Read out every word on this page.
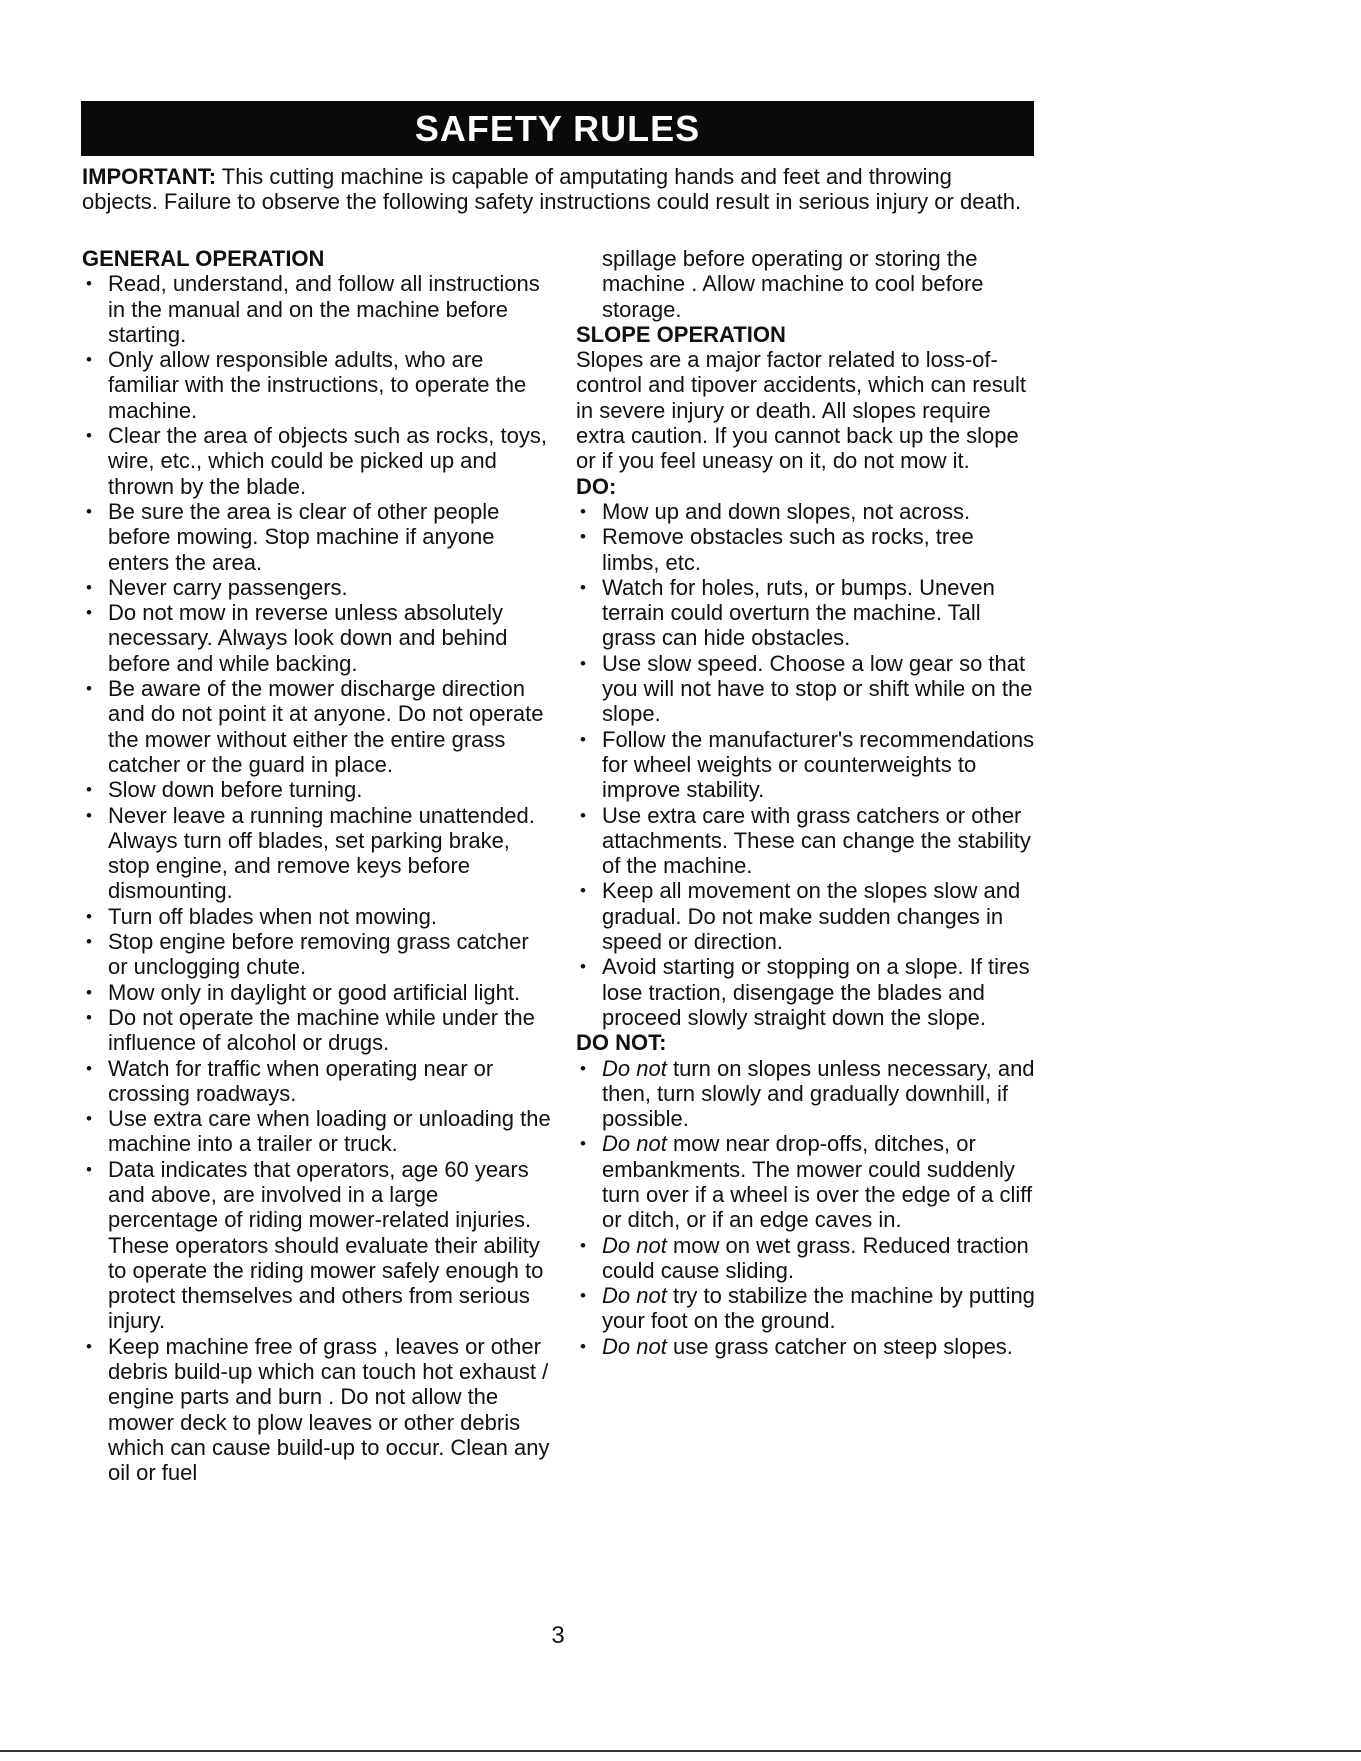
SAFETY RULES
IMPORTANT: This cutting machine is capable of amputating hands and feet and throwing objects. Failure to observe the following safety instructions could result in serious injury or death.
GENERAL OPERATION
• Read, understand, and follow all instructions in the manual and on the machine before starting.
• Only allow responsible adults, who are familiar with the instructions, to operate the machine.
• Clear the area of objects such as rocks, toys, wire, etc., which could be picked up and thrown by the blade.
• Be sure the area is clear of other people before mowing. Stop machine if anyone enters the area.
• Never carry passengers.
• Do not mow in reverse unless absolutely necessary. Always look down and behind before and while backing.
• Be aware of the mower discharge direction and do not point it at anyone. Do not operate the mower without either the entire grass catcher or the guard in place.
• Slow down before turning.
• Never leave a running machine unattended. Always turn off blades, set parking brake, stop engine, and remove keys before dismounting.
• Turn off blades when not mowing.
• Stop engine before removing grass catcher or unclogging chute.
• Mow only in daylight or good artificial light.
• Do not operate the machine while under the influence of alcohol or drugs.
• Watch for traffic when operating near or crossing roadways.
• Use extra care when loading or unloading the machine into a trailer or truck.
• Data indicates that operators, age 60 years and above, are involved in a large percentage of riding mower-related injuries. These operators should evaluate their ability to operate the riding mower safely enough to protect themselves and others from serious injury.
• Keep machine free of grass , leaves or other debris build-up which can touch hot exhaust / engine parts and burn . Do not allow the mower deck to plow leaves or other debris which can cause build-up to occur. Clean any oil or fuel

spillage before operating or storing the machine . Allow machine to cool before storage.

SLOPE OPERATION

Slopes are a major factor related to loss-of-control and tipover accidents, which can result in severe injury or death. All slopes require extra caution. If you cannot back up the slope or if you feel uneasy on it, do not mow it.

DO:
• Mow up and down slopes, not across.
• Remove obstacles such as rocks, tree limbs, etc.
• Watch for holes, ruts, or bumps. Uneven terrain could overturn the machine. Tall grass can hide obstacles.
• Use slow speed. Choose a low gear so that you will not have to stop or shift while on the slope.
• Follow the manufacturer's recommendations for wheel weights or counterweights to improve stability.
• Use extra care with grass catchers or other attachments. These can change the stability of the machine.
• Keep all movement on the slopes slow and gradual. Do not make sudden changes in speed or direction.
• Avoid starting or stopping on a slope. If tires lose traction, disengage the blades and proceed slowly straight down the slope.
DO NOT:
• Do not turn on slopes unless necessary, and then, turn slowly and gradually downhill, if possible.
• Do not mow near drop-offs, ditches, or embankments. The mower could suddenly turn over if a wheel is over the edge of a cliff or ditch, or if an edge caves in.
• Do not mow on wet grass. Reduced traction could cause sliding.
• Do not try to stabilize the machine by putting your foot on the ground.
• Do not use grass catcher on steep slopes.
3
